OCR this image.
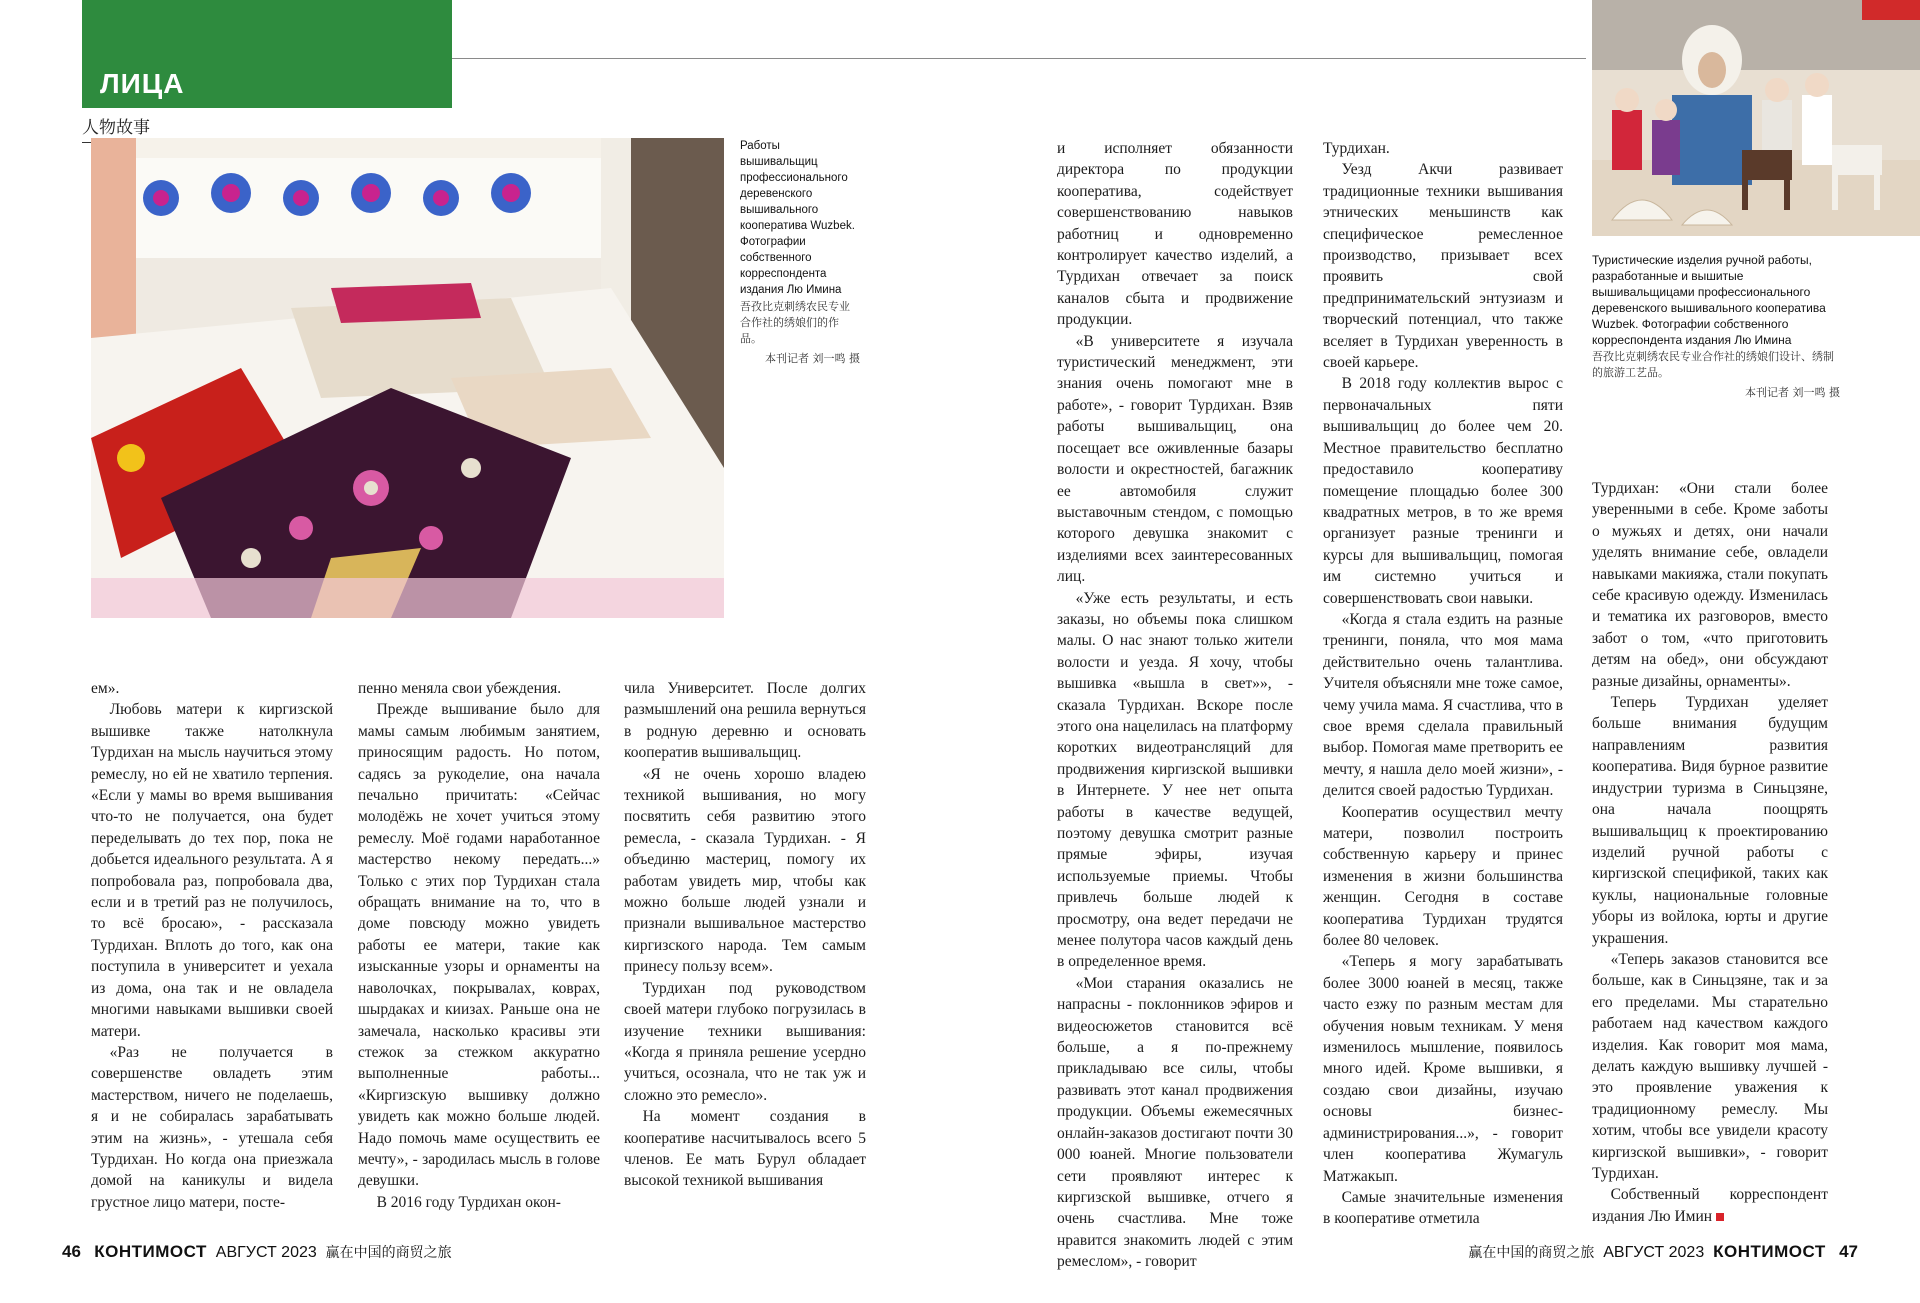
ЛИЦА
人物故事
Работы вышивальщиц профессионального деревенского вышивального кооператива Wuzbek. Фотографии собственного корреспондента издания Лю Имина
吾孜比克刺绣农民专业合作社的绣娘们的作品。
本刊记者 刘一鸣 摄
Туристические изделия ручной работы, разработанные и вышитые вышивальщицами профессионального деревенского вышивального кооператива Wuzbek. Фотографии собственного корреспондента издания Лю Имина
吾孜比克刺绣农民专业合作社的绣娘们设计、绣制的旅游工艺品。
本刊记者 刘一鸣 摄

ем».

Любовь матери к киргизской вышивке также натолкнула Турдихан на мысль научиться этому ремеслу, но ей не хватило терпения. «Если у мамы во время вышивания что-то не получается, она будет переделывать до тех пор, пока не добьется идеального результата. А я попробовала раз, попробовала два, если и в третий раз не получилось, то всё бросаю», - рассказала Турдихан. Вплоть до того, как она поступила в университет и уехала из дома, она так и не овладела многими навыками вышивки своей матери.

«Раз не получается в совершенстве овладеть этим мастерством, ничего не поделаешь, я и не собиралась зарабатывать этим на жизнь», - утешала себя Турдихан. Но когда она приезжала домой на каникулы и видела грустное лицо матери, посте-

пенно меняла свои убеждения.

Прежде вышивание было для мамы самым любимым занятием, приносящим радость. Но потом, садясь за рукоделие, она начала печально причитать: «Сейчас молодёжь не хочет учиться этому ремеслу. Моё годами наработанное мастерство некому передать...» Только с этих пор Турдихан стала обращать внимание на то, что в доме повсюду можно увидеть работы ее матери, такие как изысканные узоры и орнаменты на наволочках, покрывалах, коврах, шырдаках и киизах. Раньше она не замечала, насколько красивы эти стежок за стежком аккуратно выполненные работы... «Киргизскую вышивку должно увидеть как можно больше людей. Надо помочь маме осуществить ее мечту», - зародилась мысль в голове девушки.

В 2016 году Турдихан окон-

чила Университет. После долгих размышлений она решила вернуться в родную деревню и основать кооператив вышивальщиц.

«Я не очень хорошо владею техникой вышивания, но могу посвятить себя развитию этого ремесла, - сказала Турдихан. - Я объединю мастериц, помогу их работам увидеть мир, чтобы как можно больше людей узнали и признали вышивальное мастерство киргизского народа. Тем самым принесу пользу всем».

Турдихан под руководством своей матери глубоко погрузилась в изучение техники вышивания: «Когда я приняла решение усердно учиться, осознала, что не так уж и сложно это ремесло».

На момент создания в кооперативе насчитывалось всего 5 членов. Ее мать Бурул обладает высокой техникой вышивания

и исполняет обязанности директора по продукции кооператива, содействует совершенствованию навыков работниц и одновременно контролирует качество изделий, а Турдихан отвечает за поиск каналов сбыта и продвижение продукции.

«В университете я изучала туристический менеджмент, эти знания очень помогают мне в работе», - говорит Турдихан. Взяв работы вышивальщиц, она посещает все оживленные базары волости и окрестностей, багажник ее автомобиля служит выставочным стендом, с помощью которого девушка знакомит с изделиями всех заинтересованных лиц.

«Уже есть результаты, и есть заказы, но объемы пока слишком малы. О нас знают только жители волости и уезда. Я хочу, чтобы вышивка «вышла в свет»», - сказала Турдихан. Вскоре после этого она нацелилась на платформу коротких видеотрансляций для продвижения киргизской вышивки в Интернете. У нее нет опыта работы в качестве ведущей, поэтому девушка смотрит разные прямые эфиры, изучая используемые приемы. Чтобы привлечь больше людей к просмотру, она ведет передачи не менее полутора часов каждый день в определенное время.

«Мои старания оказались не напрасны - поклонников эфиров и видеосюжетов становится всё больше, а я по-прежнему прикладываю все силы, чтобы развивать этот канал продвижения продукции. Объемы ежемесячных онлайн-заказов достигают почти 30 000 юаней. Многие пользователи сети проявляют интерес к киргизской вышивке, отчего я очень счастлива. Мне тоже нравится знакомить людей с этим ремеслом», - говорит

Турдихан.

Уезд Акчи развивает традиционные техники вышивания этнических меньшинств как специфическое ремесленное производство, призывает всех проявить свой предпринимательский энтузиазм и творческий потенциал, что также вселяет в Турдихан уверенность в своей карьере.

В 2018 году коллектив вырос с первоначальных пяти вышивальщиц до более чем 20. Местное правительство бесплатно предоставило кооперативу помещение площадью более 300 квадратных метров, в то же время организует разные тренинги и курсы для вышивальщиц, помогая им системно учиться и совершенствовать свои навыки.

«Когда я стала ездить на разные тренинги, поняла, что моя мама действительно очень талантлива. Учителя объясняли мне тоже самое, чему учила мама. Я счастлива, что в свое время сделала правильный выбор. Помогая маме претворить ее мечту, я нашла дело моей жизни», - делится своей радостью Турдихан.

Кооператив осуществил мечту матери, позволил построить собственную карьеру и принес изменения в жизни большинства женщин. Сегодня в составе кооператива Турдихан трудятся более 80 человек.

«Теперь я могу зарабатывать более 3000 юаней в месяц, также часто езжу по разным местам для обучения новым техникам. У меня изменилось мышление, появилось много идей. Кроме вышивки, я создаю свои дизайны, изучаю основы бизнес-администрирования...», - говорит член кооператива Жумагуль Матжакып.

Самые значительные изменения в кооперативе отметила

Турдихан: «Они стали более уверенными в себе. Кроме заботы о мужьях и детях, они начали уделять внимание себе, овладели навыками макияжа, стали покупать себе красивую одежду. Изменилась и тематика их разговоров, вместо забот о том, «что приготовить детям на обед», они обсуждают разные дизайны, орнаменты».

Теперь Турдихан уделяет больше внимания будущим направлениям развития кооператива. Видя бурное развитие индустрии туризма в Синьцзяне, она начала поощрять вышивальщиц к проектированию изделий ручной работы с киргизской спецификой, таких как куклы, национальные головные уборы из войлока, юрты и другие украшения.

«Теперь заказов становится все больше, как в Синьцзяне, так и за его пределами. Мы старательно работаем над качеством каждого изделия. Как говорит моя мама, делать каждую вышивку лучшей - это проявление уважения к традиционному ремеслу. Мы хотим, чтобы все увидели красоту киргизской вышивки», - говорит Турдихан.

Собственный корреспондент издания Лю Имин

46 КОНТИМОСТ АВГУСТ 2023 赢在中国的商贸之旅	赢在中国的商贸之旅 АВГУСТ 2023 КОНТИМОСТ 47
